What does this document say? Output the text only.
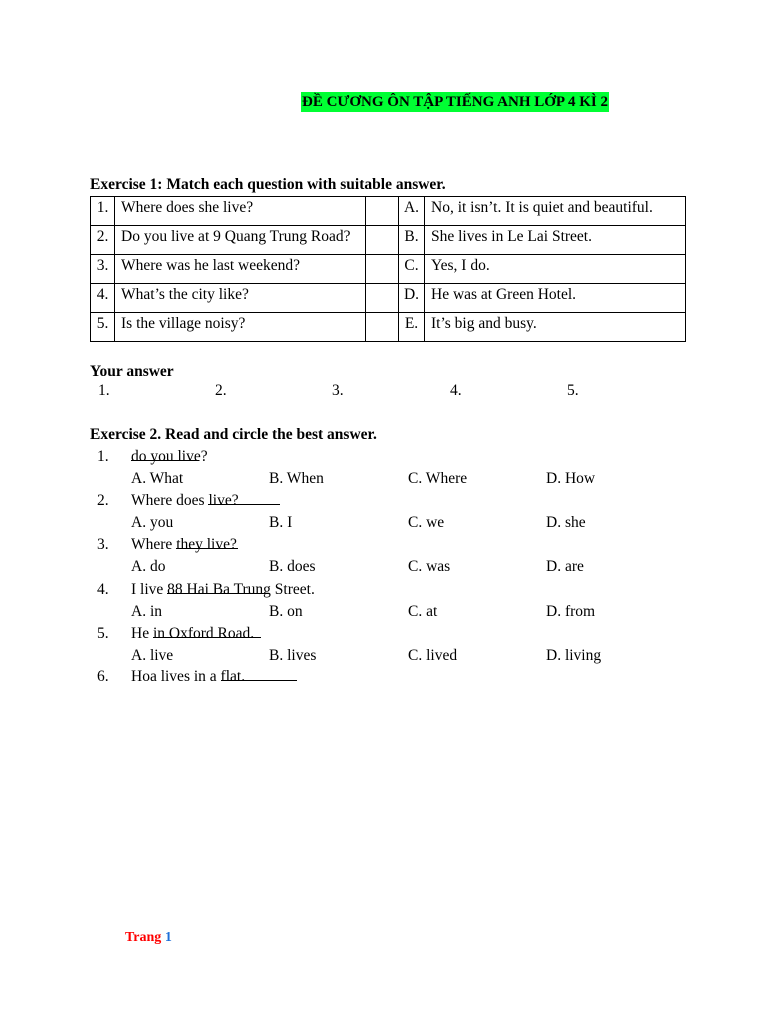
ĐỀ CƯƠNG ÔN TẬP TIẾNG ANH LỚP 4 KÌ 2
Exercise 1: Match each question with suitable answer.
1.	Where does she live?		A.	No, it isn’t. It is quiet and beautiful.
2.	Do you live at 9 Quang Trung Road?		B.	She lives in Le Lai Street.
3.	Where was he last weekend?		C.	Yes, I do.
4.	What’s the city like?		D.	He was at Green Hotel.
5.	Is the village noisy?		E.	It’s big and busy.
Your answer
1.	2.	3.	4.	5.
Exercise 2. Read and circle the best answer.
1. do you live?
A. What	B. When	C. Where	D. How
2. Where does
live?
A. you	B. I	C. we	D. she
3. Where
they live?
A. do	B. does	C. was	D. are
4. I live
88 Hai Ba Trung Street.
A. in	B. on	C. at	D. from
5. He
in Oxford Road.
A. live	B. lives	C. lived	D. living
6. Hoa lives in a
flat.
Trang 1
